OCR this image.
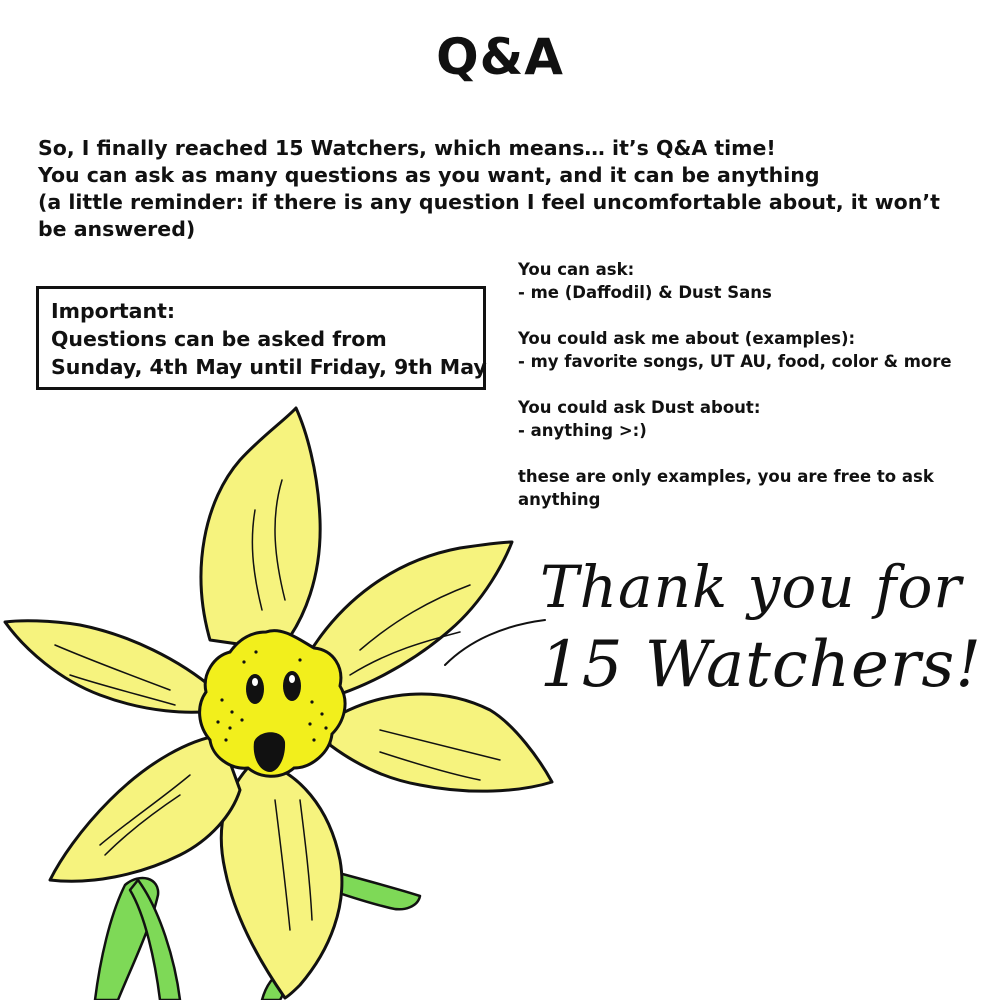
Q&A
So, I finally reached 15 Watchers, which means… it’s Q&A time!
You can ask as many questions as you want, and it can be anything
(a little reminder: if there is any question I feel uncomfortable about, it won’t be answered)
Important:
Questions can be asked from
Sunday, 4th May until Friday, 9th May
You can ask:
- me (Daffodil) & Dust Sans
You could ask me about (examples):
- my favorite songs, UT AU, food, color & more
You could ask Dust about:
- anything >:)
these are only examples, you are free to ask anything
Thank you for
15 Watchers!
